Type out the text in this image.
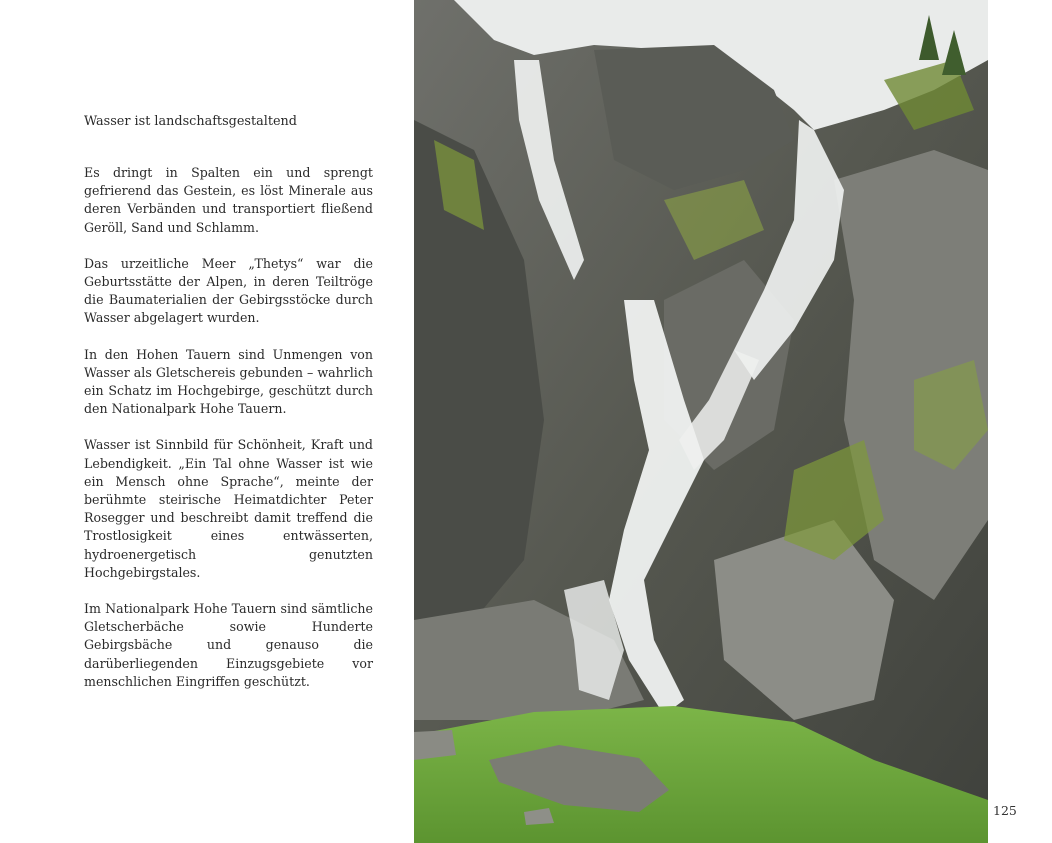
Wasser ist landschaftsgestaltend

Es dringt in Spalten ein und sprengt gefrierend das Gestein, es löst Minerale aus deren Verbänden und transportiert fließend Geröll, Sand und Schlamm.

Das urzeitliche Meer „Thetys“ war die Geburtsstätte der Alpen, in deren Teiltröge die Baumaterialien der Gebirgsstöcke durch Wasser abgelagert wurden.

In den Hohen Tauern sind Unmengen von Wasser als Gletschereis gebunden – wahrlich ein Schatz im Hochgebirge, geschützt durch den Nationalpark Hohe Tauern.

Wasser ist Sinnbild für Schönheit, Kraft und Lebendigkeit. „Ein Tal ohne Wasser ist wie ein Mensch ohne Sprache“, meinte der berühmte steirische Heimatdichter Peter Rosegger und beschreibt damit treffend die Trostlosigkeit eines entwässerten, hydroenergetisch genutzten Hochgebirgstales.

Im Nationalpark Hohe Tauern sind sämtliche Gletscherbäche sowie Hunderte Gebirgsbäche und genauso die darüberliegenden Einzugsgebiete vor menschlichen Eingriffen geschützt.

125
